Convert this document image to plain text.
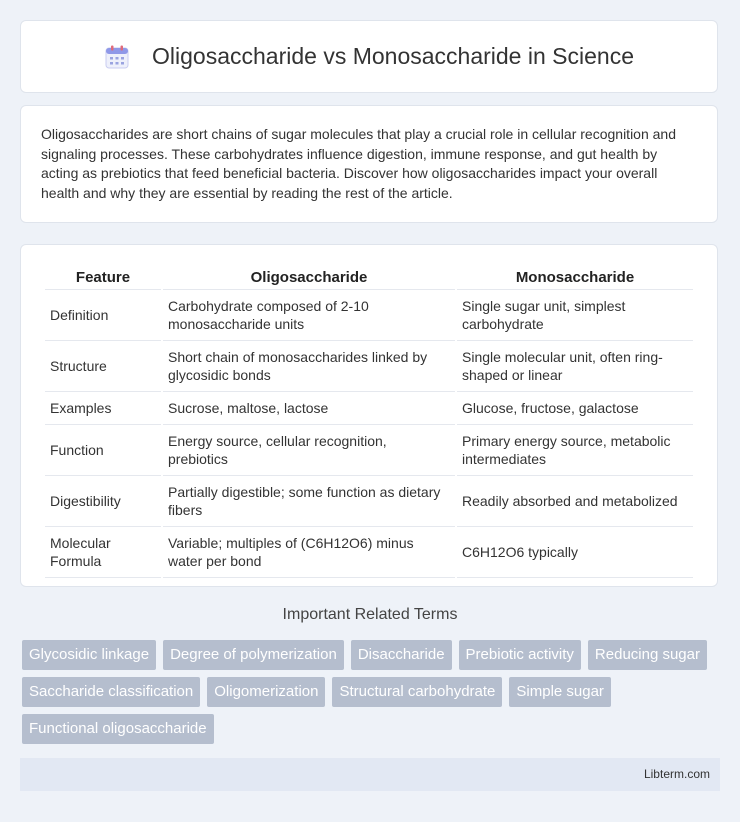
Oligosaccharide vs Monosaccharide in Science

Oligosaccharides are short chains of sugar molecules that play a crucial role in cellular recognition and signaling processes. These carbohydrates influence digestion, immune response, and gut health by acting as prebiotics that feed beneficial bacteria. Discover how oligosaccharides impact your overall health and why they are essential by reading the rest of the article.

Feature	Oligosaccharide	Monosaccharide
Definition	Carbohydrate composed of 2-10 monosaccharide units	Single sugar unit, simplest carbohydrate
Structure	Short chain of monosaccharides linked by glycosidic bonds	Single molecular unit, often ring-shaped or linear
Examples	Sucrose, maltose, lactose	Glucose, fructose, galactose
Function	Energy source, cellular recognition, prebiotics	Primary energy source, metabolic intermediates
Digestibility	Partially digestible; some function as dietary fibers	Readily absorbed and metabolized
Molecular Formula	Variable; multiples of (C6H12O6) minus water per bond	C6H12O6 typically
Important Related Terms
Glycosidic linkage	Degree of polymerization	Disaccharide	Prebiotic activity	Reducing sugar
Saccharide classification	Oligomerization	Structural carbohydrate	Simple sugar
Functional oligosaccharide
Libterm.com
